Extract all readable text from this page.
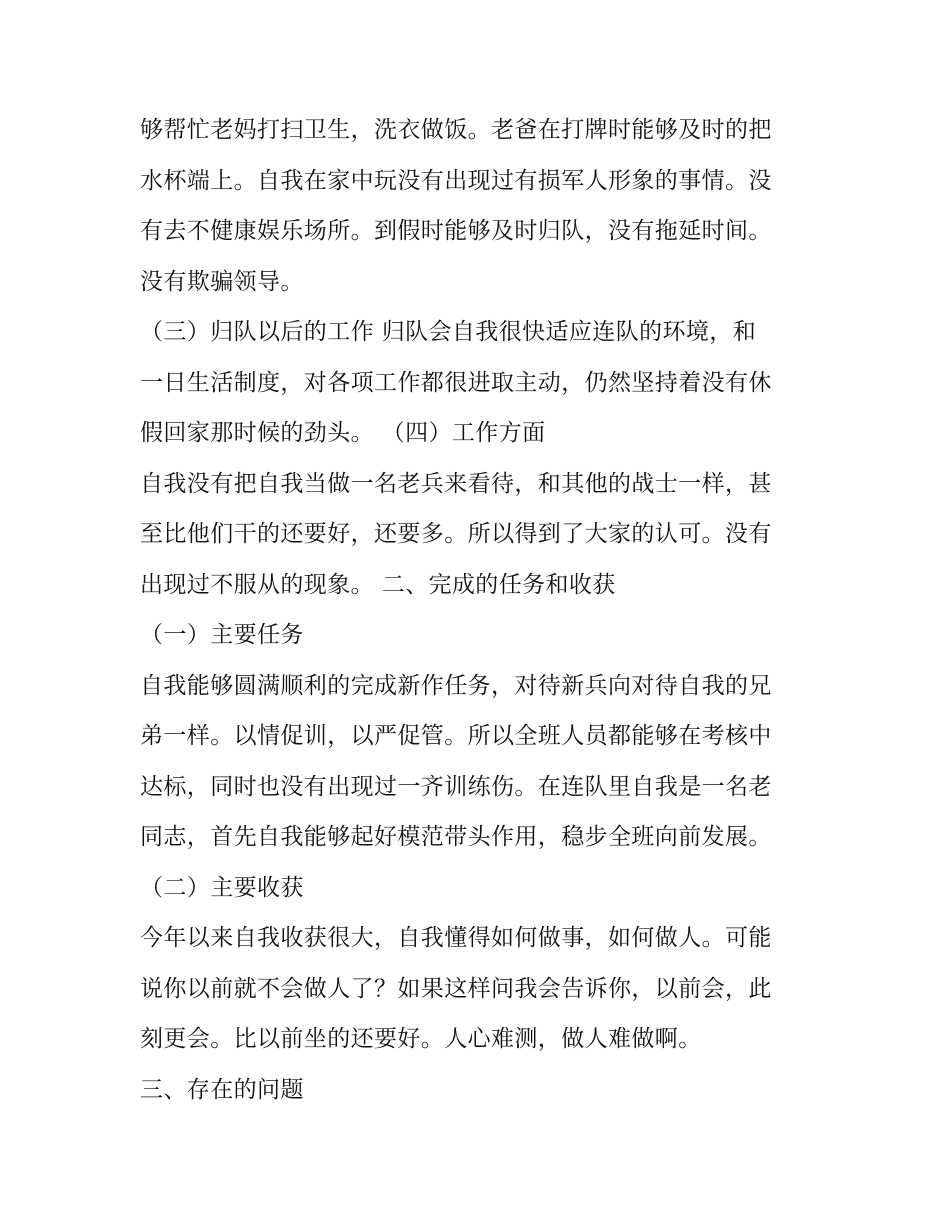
够帮忙老妈打扫卫生，洗衣做饭。老爸在打牌时能够及时的把
水杯端上。自我在家中玩没有出现过有损军人形象的事情。没
有去不健康娱乐场所。到假时能够及时归队，没有拖延时间。
没有欺骗领导。
（三）归队以后的工作 归队会自我很快适应连队的环境，和
一日生活制度，对各项工作都很进取主动，仍然坚持着没有休
假回家那时候的劲头。 （四）工作方面
自我没有把自我当做一名老兵来看待，和其他的战士一样，甚
至比他们干的还要好，还要多。所以得到了大家的认可。没有
出现过不服从的现象。 二、完成的任务和收获
（一）主要任务
自我能够圆满顺利的完成新作任务，对待新兵向对待自我的兄
弟一样。以情促训，以严促管。所以全班人员都能够在考核中
达标，同时也没有出现过一齐训练伤。在连队里自我是一名老
同志，首先自我能够起好模范带头作用，稳步全班向前发展。
（二）主要收获
今年以来自我收获很大，自我懂得如何做事，如何做人。可能
说你以前就不会做人了？如果这样问我会告诉你，以前会，此
刻更会。比以前坐的还要好。人心难测，做人难做啊。
三、存在的问题
